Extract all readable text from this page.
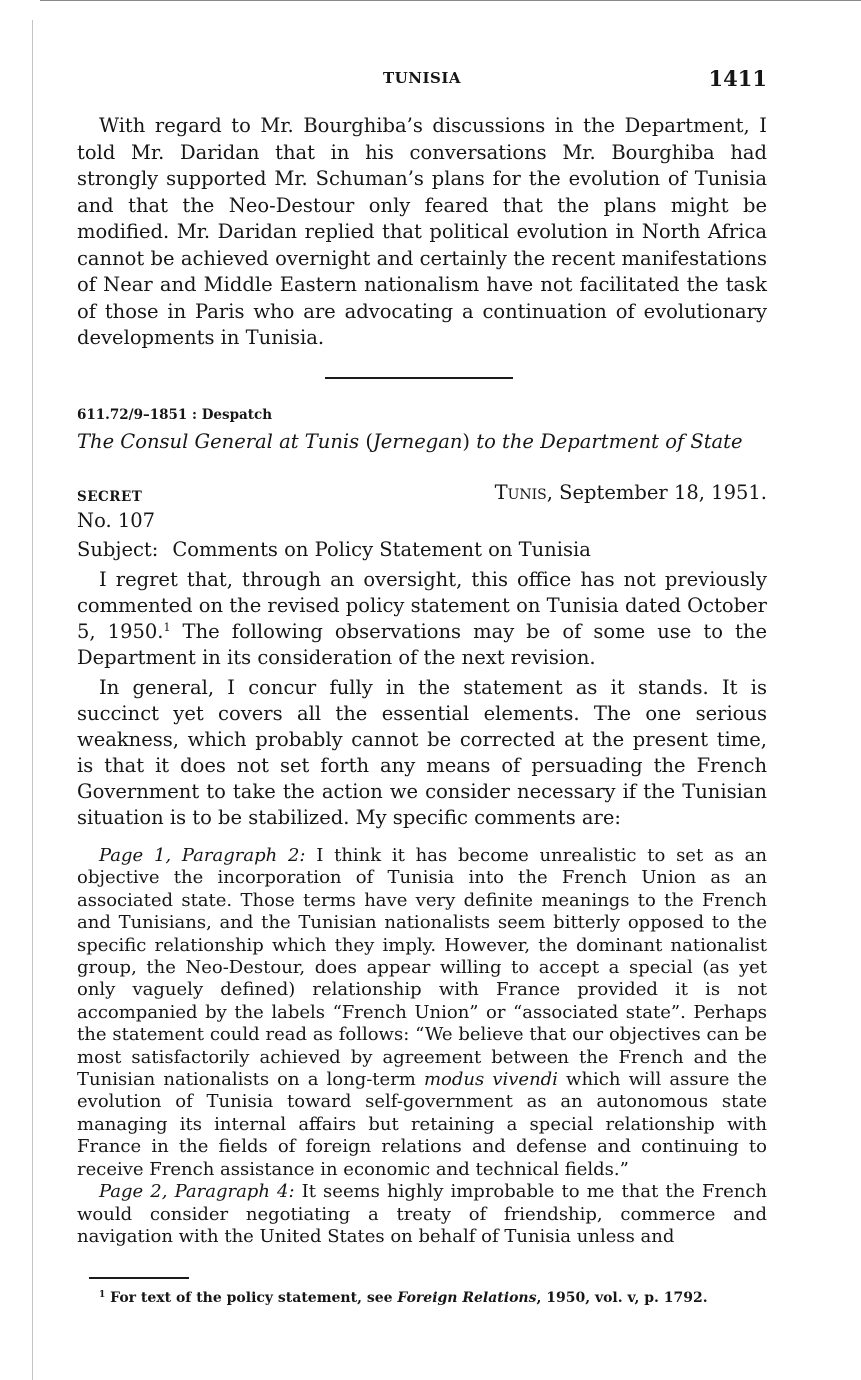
TUNISIA	1411

With regard to Mr. Bourghiba’s discussions in the Department, I told Mr. Daridan that in his conversations Mr. Bourghiba had strongly supported Mr. Schuman’s plans for the evolution of Tunisia and that the Neo-Destour only feared that the plans might be modified. Mr. Daridan replied that political evolution in North Africa cannot be achieved overnight and certainly the recent manifestations of Near and Middle Eastern nationalism have not facilitated the task of those in Paris who are advocating a continuation of evolutionary developments in Tunisia.

611.72/9–1851 : Despatch
The Consul General at Tunis (Jernegan) to the Department of State
SECRET	Tunis, September 18, 1951.
No. 107
Subject: Comments on Policy Statement on Tunisia

I regret that, through an oversight, this office has not previously commented on the revised policy statement on Tunisia dated October 5, 1950.$^1$ The following observations may be of some use to the Department in its consideration of the next revision.

In general, I concur fully in the statement as it stands. It is succinct yet covers all the essential elements. The one serious weakness, which probably cannot be corrected at the present time, is that it does not set forth any means of persuading the French Government to take the action we consider necessary if the Tunisian situation is to be stabilized. My specific comments are:

Page 1, Paragraph 2: I think it has become unrealistic to set as an objective the incorporation of Tunisia into the French Union as an associated state. Those terms have very definite meanings to the French and Tunisians, and the Tunisian nationalists seem bitterly opposed to the specific relationship which they imply. However, the dominant nationalist group, the Neo-Destour, does appear willing to accept a special (as yet only vaguely defined) relationship with France provided it is not accompanied by the labels “French Union” or “associated state”. Perhaps the statement could read as follows: “We believe that our objectives can be most satisfactorily achieved by agreement between the French and the Tunisian nationalists on a long-term modus vivendi which will assure the evolution of Tunisia toward self-government as an autonomous state managing its internal affairs but retaining a special relationship with France in the fields of foreign relations and defense and continuing to receive French assistance in economic and technical fields.”

Page 2, Paragraph 4: It seems highly improbable to me that the French would consider negotiating a treaty of friendship, commerce and navigation with the United States on behalf of Tunisia unless and

$^1$ For text of the policy statement, see Foreign Relations, 1950, vol. v, p. 1792.
